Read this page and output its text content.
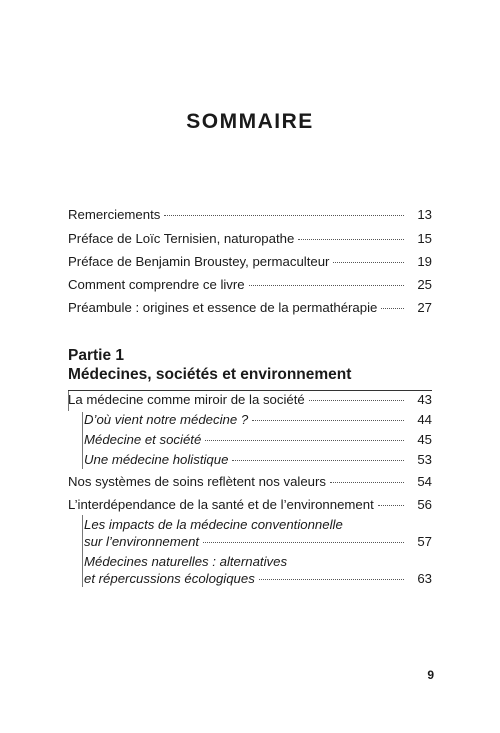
SOMMAIRE
Remerciements	13
Préface de Loïc Ternisien, naturopathe	15
Préface de Benjamin Broustey, permaculteur	19
Comment comprendre ce livre	25
Préambule : origines et essence de la permathérapie	27
Partie 1
Médecines, sociétés et environnement
La médecine comme miroir de la société	43
D’où vient notre médecine ?	44
Médecine et société	45
Une médecine holistique	53
Nos systèmes de soins reflètent nos valeurs	54
L’interdépendance de la santé et de l’environnement	56
Les impacts de la médecine conventionnelle
sur l’environnement	57
Médecines naturelles : alternatives
et répercussions écologiques	63
9
